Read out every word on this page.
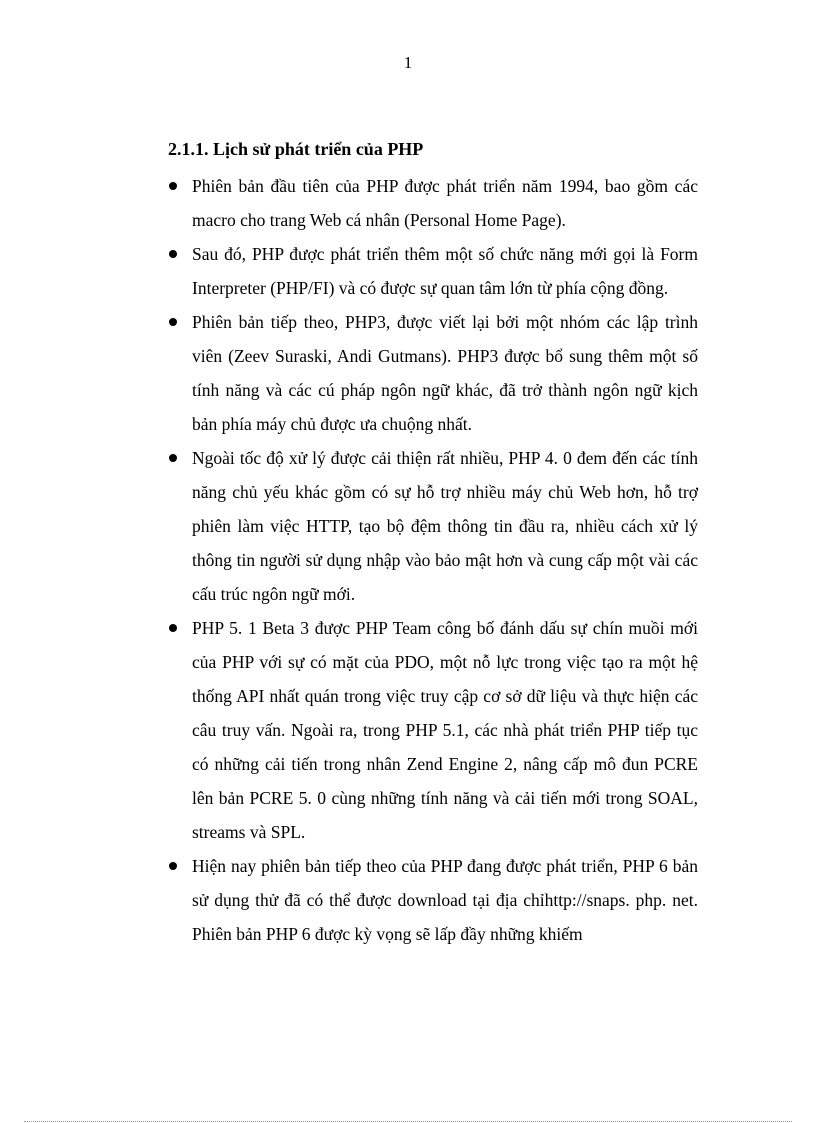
1
2.1.1. Lịch sử phát triển của PHP
Phiên bản đầu tiên của PHP được phát triển năm 1994, bao gồm các macro cho trang Web cá nhân (Personal Home Page).
Sau đó, PHP được phát triển thêm một số chức năng mới gọi là Form Interpreter (PHP/FI) và có được sự quan tâm lớn từ phía cộng đồng.
Phiên bản tiếp theo, PHP3, được viết lại bởi một nhóm các lập trình viên (Zeev Suraski, Andi Gutmans). PHP3 được bổ sung thêm một số tính năng và các cú pháp ngôn ngữ khác, đã trở thành ngôn ngữ kịch bản phía máy chủ được ưa chuộng nhất.
Ngoài tốc độ xử lý được cải thiện rất nhiều, PHP 4. 0 đem đến các tính năng chủ yếu khác gồm có sự hỗ trợ nhiều máy chủ Web hơn, hỗ trợ phiên làm việc HTTP, tạo bộ đệm thông tin đầu ra, nhiều cách xử lý thông tin người sử dụng nhập vào bảo mật hơn và cung cấp một vài các cấu trúc ngôn ngữ mới.
PHP 5. 1 Beta 3 được PHP Team công bố đánh dấu sự chín muồi mới của PHP với sự có mặt của PDO, một nỗ lực trong việc tạo ra một hệ thống API nhất quán trong việc truy cập cơ sở dữ liệu và thực hiện các câu truy vấn. Ngoài ra, trong PHP 5.1, các nhà phát triển PHP tiếp tục có những cải tiến trong nhân Zend Engine 2, nâng cấp mô đun PCRE lên bản PCRE 5. 0 cùng những tính năng và cải tiến mới trong SOAL, streams và SPL.
Hiện nay phiên bản tiếp theo của PHP đang được phát triển, PHP 6 bản sử dụng thử đã có thể được download tại địa chỉhttp://snaps. php. net. Phiên bản PHP 6 được kỳ vọng sẽ lấp đầy những khiếm
